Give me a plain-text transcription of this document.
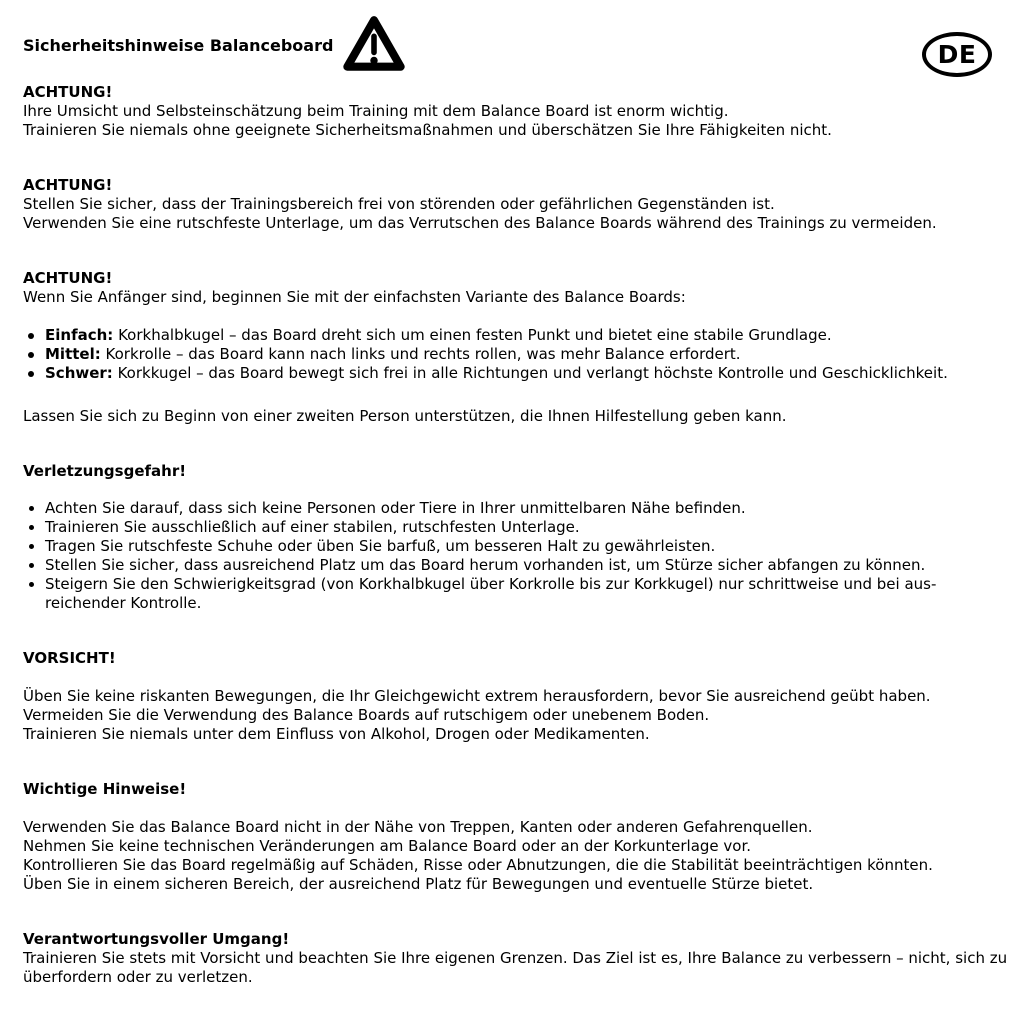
Sicherheitshinweise Balanceboard	DE
ACHTUNG!

Ihre Umsicht und Selbsteinschätzung beim Training mit dem Balance Board ist enorm wichtig.

Trainieren Sie niemals ohne geeignete Sicherheitsmaßnahmen und überschätzen Sie Ihre Fähigkeiten nicht.

ACHTUNG!

Stellen Sie sicher, dass der Trainingsbereich frei von störenden oder gefährlichen Gegenständen ist.

Verwenden Sie eine rutschfeste Unterlage, um das Verrutschen des Balance Boards während des Trainings zu vermeiden.

ACHTUNG!

Wenn Sie Anfänger sind, beginnen Sie mit der einfachsten Variante des Balance Boards:

Einfach: Korkhalbkugel – das Board dreht sich um einen festen Punkt und bietet eine stabile Grundlage.
Mittel: Korkrolle – das Board kann nach links und rechts rollen, was mehr Balance erfordert.
Schwer: Korkkugel – das Board bewegt sich frei in alle Richtungen und verlangt höchste Kontrolle und Geschicklichkeit.

Lassen Sie sich zu Beginn von einer zweiten Person unterstützen, die Ihnen Hilfestellung geben kann.

Verletzungsgefahr!
Achten Sie darauf, dass sich keine Personen oder Tiere in Ihrer unmittelbaren Nähe befinden.
Trainieren Sie ausschließlich auf einer stabilen, rutschfesten Unterlage.
Tragen Sie rutschfeste Schuhe oder üben Sie barfuß, um besseren Halt zu gewährleisten.
Stellen Sie sicher, dass ausreichend Platz um das Board herum vorhanden ist, um Stürze sicher abfangen zu können.
Steigern Sie den Schwierigkeitsgrad (von Korkhalbkugel über Korkrolle bis zur Korkkugel) nur schrittweise und bei aus-reichender Kontrolle.
VORSICHT!

Üben Sie keine riskanten Bewegungen, die Ihr Gleichgewicht extrem herausfordern, bevor Sie ausreichend geübt haben.

Vermeiden Sie die Verwendung des Balance Boards auf rutschigem oder unebenem Boden.

Trainieren Sie niemals unter dem Einfluss von Alkohol, Drogen oder Medikamenten.

Wichtige Hinweise!

Verwenden Sie das Balance Board nicht in der Nähe von Treppen, Kanten oder anderen Gefahrenquellen.

Nehmen Sie keine technischen Veränderungen am Balance Board oder an der Korkunterlage vor.

Kontrollieren Sie das Board regelmäßig auf Schäden, Risse oder Abnutzungen, die die Stabilität beeinträchtigen könnten.

Üben Sie in einem sicheren Bereich, der ausreichend Platz für Bewegungen und eventuelle Stürze bietet.

Verantwortungsvoller Umgang!

Trainieren Sie stets mit Vorsicht und beachten Sie Ihre eigenen Grenzen. Das Ziel ist es, Ihre Balance zu verbessern – nicht, sich zu überfordern oder zu verletzen.
